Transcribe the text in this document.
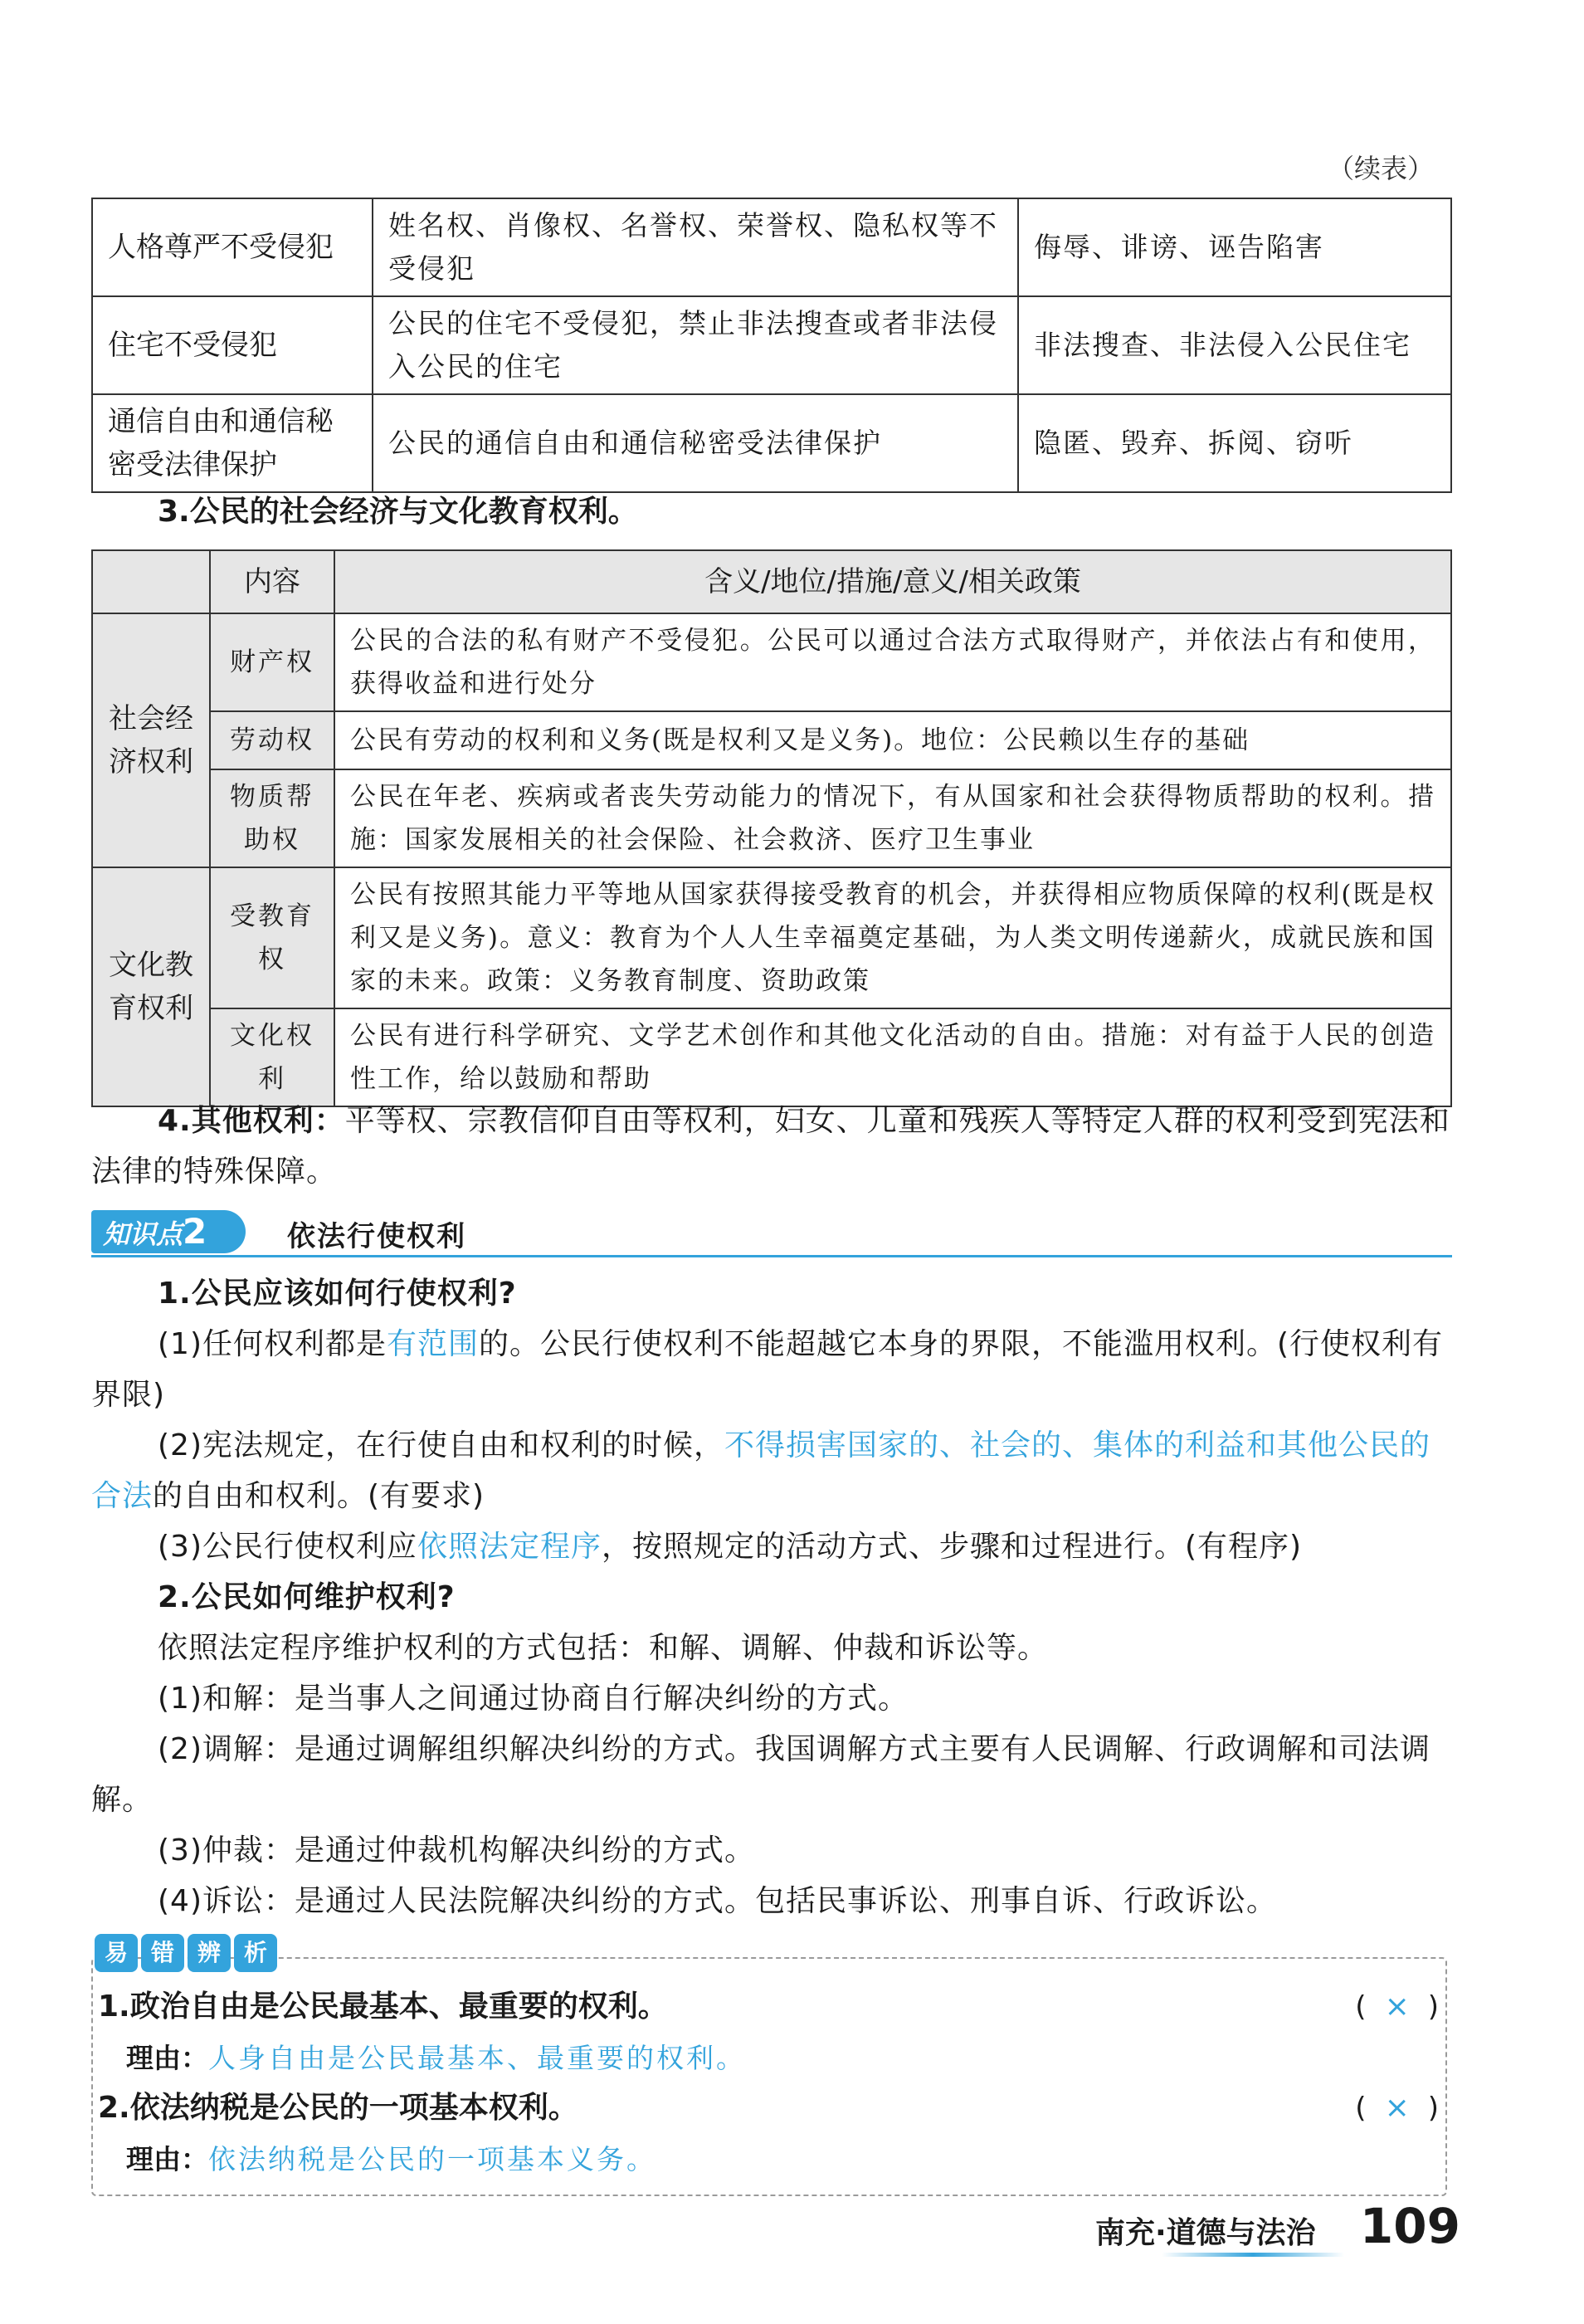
（续表）
人格尊严不受侵犯	姓名权、肖像权、名誉权、荣誉权、隐私权等不受侵犯	侮辱、诽谤、诬告陷害
住宅不受侵犯	公民的住宅不受侵犯，禁止非法搜查或者非法侵入公民的住宅	非法搜查、非法侵入公民住宅
通信自由和通信秘密受法律保护	公民的通信自由和通信秘密受法律保护	隐匿、毁弃、拆阅、窃听
3.公民的社会经济与文化教育权利。
	内容	含义/地位/措施/意义/相关政策
社会经济权利	财产权	公民的合法的私有财产不受侵犯。公民可以通过合法方式取得财产，并依法占有和使用，获得收益和进行处分
	劳动权	公民有劳动的权利和义务(既是权利又是义务)。地位：公民赖以生存的基础
	物质帮助权	公民在年老、疾病或者丧失劳动能力的情况下，有从国家和社会获得物质帮助的权利。措施：国家发展相关的社会保险、社会救济、医疗卫生事业
文化教育权利	受教育权	公民有按照其能力平等地从国家获得接受教育的机会，并获得相应物质保障的权利(既是权利又是义务)。意义：教育为个人人生幸福奠定基础，为人类文明传递薪火，成就民族和国家的未来。政策：义务教育制度、资助政策
	文化权利	公民有进行科学研究、文学艺术创作和其他文化活动的自由。措施：对有益于人民的创造性工作，给以鼓励和帮助
4.其他权利：平等权、宗教信仰自由等权利，妇女、儿童和残疾人等特定人群的权利受到宪法和法律的特殊保障。
知识点2	依法行使权利
1.公民应该如何行使权利?
(1)任何权利都是有范围的。公民行使权利不能超越它本身的界限，不能滥用权利。(行使权利有界限)
(2)宪法规定，在行使自由和权利的时候，不得损害国家的、社会的、集体的利益和其他公民的合法的自由和权利。(有要求)
(3)公民行使权利应依照法定程序，按照规定的活动方式、步骤和过程进行。(有程序)
2.公民如何维护权利?
依照法定程序维护权利的方式包括：和解、调解、仲裁和诉讼等。
(1)和解：是当事人之间通过协商自行解决纠纷的方式。
(2)调解：是通过调解组织解决纠纷的方式。我国调解方式主要有人民调解、行政调解和司法调解。
(3)仲裁：是通过仲裁机构解决纠纷的方式。
(4)诉讼：是通过人民法院解决纠纷的方式。包括民事诉讼、刑事自诉、行政诉讼。
易 错 辨 析
1.政治自由是公民最基本、最重要的权利。	( × )
理由：人身自由是公民最基本、最重要的权利。
2.依法纳税是公民的一项基本权利。	( × )
理由：依法纳税是公民的一项基本义务。
南充·道德与法治 109
